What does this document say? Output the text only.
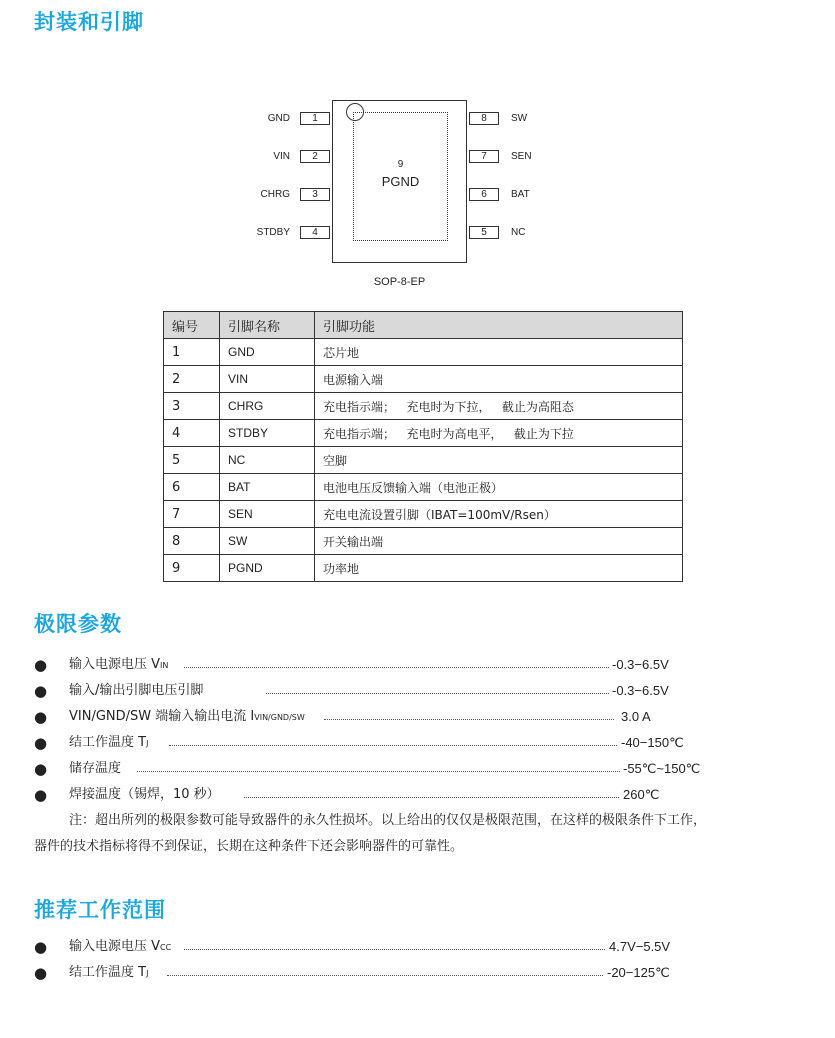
封装和引脚
9
PGND
GND	1
VIN	2
CHRG	3
STDBY	4
8	SW
7	SEN
6	BAT
5	NC
SOP-8-EP
编号	引脚名称	引脚功能
1	GND	芯片地
2	VIN	电源输入端
3	CHRG	充电指示端；   充电时为下拉，   截止为高阻态
4	STDBY	充电指示端；   充电时为高电平，   截止为下拉
5	NC	空脚
6	BAT	电池电压反馈输入端（电池正极）
7	SEN	充电电流设置引脚（IBAT=100mV/Rsen）
8	SW	开关输出端
9	PGND	功率地
极限参数
● 输入电源电压 VIN	-0.3−6.5V
● 输入/输出引脚电压引脚	-0.3−6.5V
● VIN/GND/SW 端输入输出电流 IVIN/GND/SW	3.0 A
● 结工作温度 TJ	-40−150℃
● 储存温度	-55℃~150℃
● 焊接温度（锡焊，10 秒）	260℃
注：超出所列的极限参数可能导致器件的永久性损坏。以上给出的仅仅是极限范围，在这样的极限条件下工作，
器件的技术指标将得不到保证，长期在这种条件下还会影响器件的可靠性。
推荐工作范围
● 输入电源电压 VCC	4.7V−5.5V
● 结工作温度 TJ	-20−125℃
